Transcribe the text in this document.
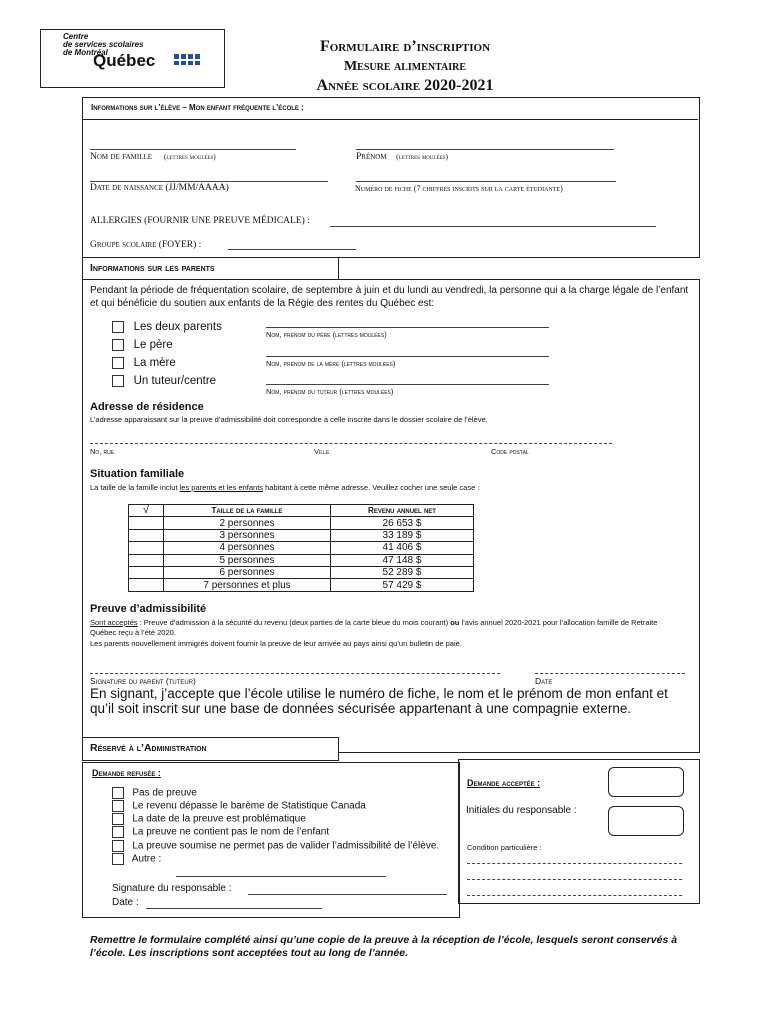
Centre
de services scolaires
de Montréal
Québec
Formulaire d’inscription
Mesure alimentaire
Année scolaire 2020-2021
Informations sur l’élève – Mon enfant fréquente l’école :
Nom de famille (lettres moulées)	Prénom (lettres moulées)
Date de naissance (JJ/MM/AAAA)	Numéro de fiche (7 chiffres inscrits sur la carte étudiante)
ALLERGIES (FOURNIR UNE PREUVE MÉDICALE) :
Groupe scolaire (FOYER) :
Informations sur les parents
Pendant la période de fréquentation scolaire, de septembre à juin et du lundi au vendredi, la personne qui a la charge légale de l’enfant et qui bénéficie du soutien aux enfants de la Régie des rentes du Québec est:
Les deux parents
Le père
La mère
Un tuteur/centre
Nom, prénom du père (lettres moulées)
Nom, prénom de la mère (lettres moulées)
Nom, prénom du tuteur (lettres moulées)
Adresse de résidence
L’adresse apparaissant sur la preuve d’admissibilité doit correspondre à celle inscrite dans le dossier scolaire de l’élève.
No, rue	Ville	Code postal
Situation familiale
La taille de la famille inclut les parents et les enfants habitant à cette même adresse. Veuillez cocher une seule case :
√	Taille de la famille	Revenu annuel net
	2 personnes	26 653 $
	3 personnes	33 189 $
	4 personnes	41 406 $
	5 personnes	47 148 $
	6 personnes	52 289 $
	7 personnes et plus	57 429 $
Preuve d’admissibilité
Sont acceptés : Preuve d’admission à la sécurité du revenu (deux parties de la carte bleue du mois courant) ou l’avis annuel 2020-2021 pour l’allocation famille de Retraite Québec reçu à l’été 2020.
Les parents nouvellement immigrés doivent fournir la preuve de leur arrivée au pays ainsi qu’un bulletin de paie.
Signature du parent (tuteur)	Date
En signant, j’accepte que l’école utilise le numéro de fiche, le nom et le prénom de mon enfant et qu’il soit inscrit sur une base de données sécurisée appartenant à une compagnie externe.
Réservé à l’Administration
Demande refusée :
Pas de preuve
Le revenu dépasse le barème de Statistique Canada
La date de la preuve est problématique
La preuve ne contient pas le nom de l’enfant
La preuve soumise ne permet pas de valider l’admissibilité de l’élève.
Autre :
Signature du responsable :
Date :
Demande acceptée :
Initiales du responsable :
Condition particulière :
Remettre le formulaire complété ainsi qu’une copie de la preuve à la réception de l’école, lesquels seront conservés à l’école. Les inscriptions sont acceptées tout au long de l’année.
